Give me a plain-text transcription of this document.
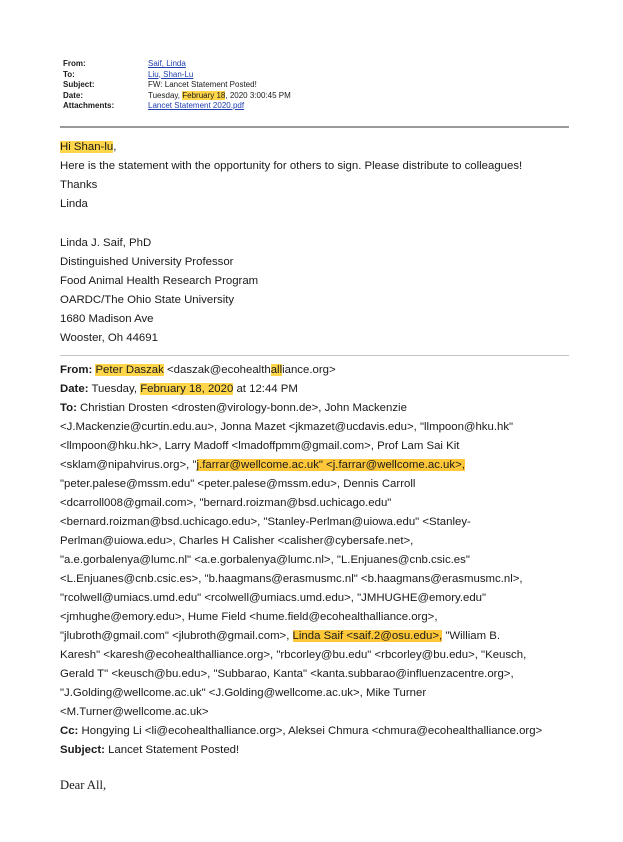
From:	Saif, Linda
To:	Liu, Shan-Lu
Subject:	FW: Lancet Statement Posted!
Date:	Tuesday, February 18, 2020 3:00:45 PM
Attachments:	Lancet Statement 2020.pdf
Hi Shan-lu,
Here is the statement with the opportunity for others to sign. Please distribute to colleagues!
Thanks
Linda
Linda J. Saif, PhD
Distinguished University Professor
Food Animal Health Research Program
OARDC/The Ohio State University
1680 Madison Ave
Wooster, Oh 44691
From: Peter Daszak <daszak@ecohealthalliance.org>
Date: Tuesday, February 18, 2020 at 12:44 PM
To: Christian Drosten <drosten@virology-bonn.de>, John Mackenzie
<J.Mackenzie@curtin.edu.au>, Jonna Mazet <jkmazet@ucdavis.edu>, "llmpoon@hku.hk"
<llmpoon@hku.hk>, Larry Madoff <lmadoffpmm@gmail.com>, Prof Lam Sai Kit
<sklam@nipahvirus.org>, "j.farrar@wellcome.ac.uk" <j.farrar@wellcome.ac.uk>,
"peter.palese@mssm.edu" <peter.palese@mssm.edu>, Dennis Carroll
<dcarroll008@gmail.com>, "bernard.roizman@bsd.uchicago.edu"
<bernard.roizman@bsd.uchicago.edu>, "Stanley-Perlman@uiowa.edu" <Stanley-
Perlman@uiowa.edu>, Charles H Calisher <calisher@cybersafe.net>,
"a.e.gorbalenya@lumc.nl" <a.e.gorbalenya@lumc.nl>, "L.Enjuanes@cnb.csic.es"
<L.Enjuanes@cnb.csic.es>, "b.haagmans@erasmusmc.nl" <b.haagmans@erasmusmc.nl>,
"rcolwell@umiacs.umd.edu" <rcolwell@umiacs.umd.edu>, "JMHUGHE@emory.edu"
<jmhughe@emory.edu>, Hume Field <hume.field@ecohealthalliance.org>,
"jlubroth@gmail.com" <jlubroth@gmail.com>, Linda Saif <saif.2@osu.edu>, "William B.
Karesh" <karesh@ecohealthalliance.org>, "rbcorley@bu.edu" <rbcorley@bu.edu>, "Keusch,
Gerald T" <keusch@bu.edu>, "Subbarao, Kanta" <kanta.subbarao@influenzacentre.org>,
"J.Golding@wellcome.ac.uk" <J.Golding@wellcome.ac.uk>, Mike Turner
<M.Turner@wellcome.ac.uk>
Cc: Hongying Li <li@ecohealthalliance.org>, Aleksei Chmura <chmura@ecohealthalliance.org>
Subject: Lancet Statement Posted!
Dear All,
